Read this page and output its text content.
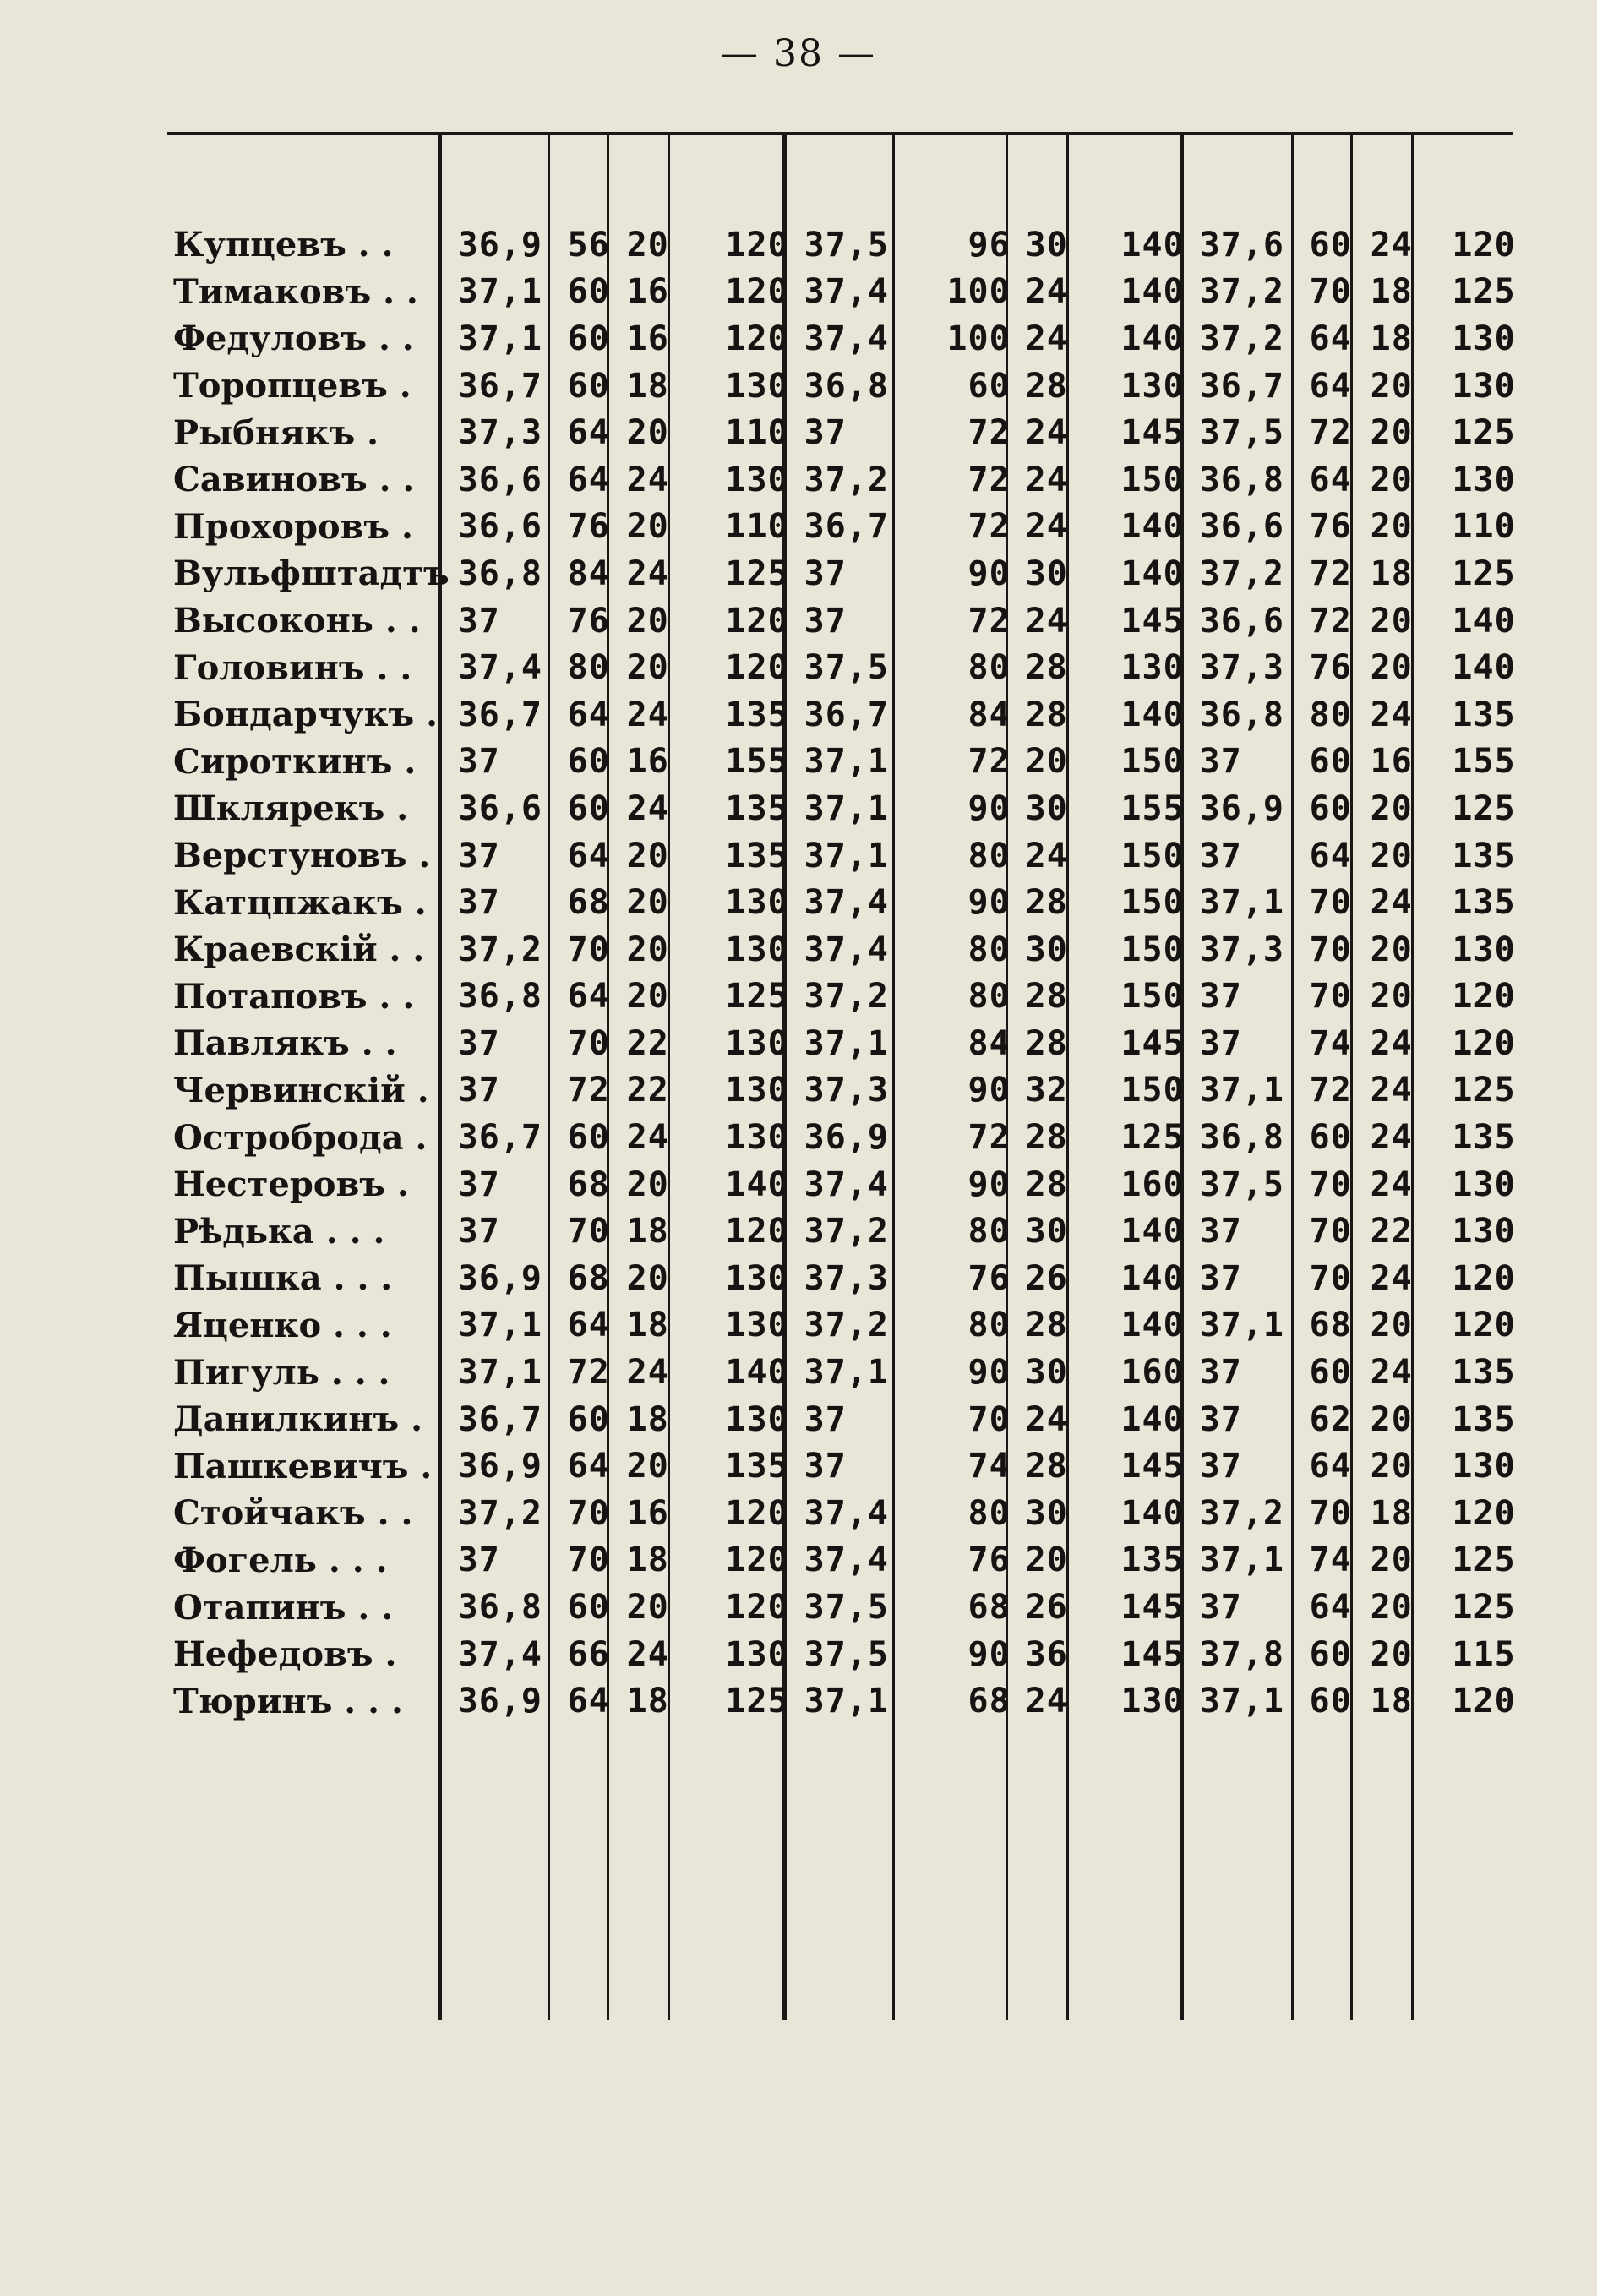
— 38 —
Купцевъ . .	36,9	56	20	120	37,5	96	30	140	37,6	60	24	120
Тимаковъ . .	37,1	60	16	120	37,4	100	24	140	37,2	70	18	125
Федуловъ . .	37,1	60	16	120	37,4	100	24	140	37,2	64	18	130
Торопцевъ .	36,7	60	18	130	36,8	60	28	130	36,7	64	20	130
Рыбнякъ .	37,3	64	20	110	37	72	24	145	37,5	72	20	125
Савиновъ . .	36,6	64	24	130	37,2	72	24	150	36,8	64	20	130
Прохоровъ .	36,6	76	20	110	36,7	72	24	140	36,6	76	20	110
Вульфштадтъ	36,8	84	24	125	37	90	30	140	37,2	72	18	125
Высоконь . .	37	76	20	120	37	72	24	145	36,6	72	20	140
Головинъ . .	37,4	80	20	120	37,5	80	28	130	37,3	76	20	140
Бондарчукъ .	36,7	64	24	135	36,7	84	28	140	36,8	80	24	135
Сироткинъ .	37	60	16	155	37,1	72	20	150	37	60	16	155
Шклярекъ .	36,6	60	24	135	37,1	90	30	155	36,9	60	20	125
Верстуновъ .	37	64	20	135	37,1	80	24	150	37	64	20	135
Катцпжакъ .	37	68	20	130	37,4	90	28	150	37,1	70	24	135
Краевскій . .	37,2	70	20	130	37,4	80	30	150	37,3	70	20	130
Потаповъ . .	36,8	64	20	125	37,2	80	28	150	37	70	20	120
Павлякъ . .	37	70	22	130	37,1	84	28	145	37	74	24	120
Червинскій .	37	72	22	130	37,3	90	32	150	37,1	72	24	125
Остроброда .	36,7	60	24	130	36,9	72	28	125	36,8	60	24	135
Нестеровъ .	37	68	20	140	37,4	90	28	160	37,5	70	24	130
Рѣдька . . .	37	70	18	120	37,2	80	30	140	37	70	22	130
Пышка . . .	36,9	68	20	130	37,3	76	26	140	37	70	24	120
Яценко . . .	37,1	64	18	130	37,2	80	28	140	37,1	68	20	120
Пигуль . . .	37,1	72	24	140	37,1	90	30	160	37	60	24	135
Данилкинъ .	36,7	60	18	130	37	70	24	140	37	62	20	135
Пашкевичъ .	36,9	64	20	135	37	74	28	145	37	64	20	130
Стойчакъ . .	37,2	70	16	120	37,4	80	30	140	37,2	70	18	120
Фогель . . .	37	70	18	120	37,4	76	20	135	37,1	74	20	125
Отапинъ . .	36,8	60	20	120	37,5	68	26	145	37	64	20	125
Нефедовъ .	37,4	66	24	130	37,5	90	36	145	37,8	60	20	115
Тюринъ . . .	36,9	64	18	125	37,1	68	24	130	37,1	60	18	120
